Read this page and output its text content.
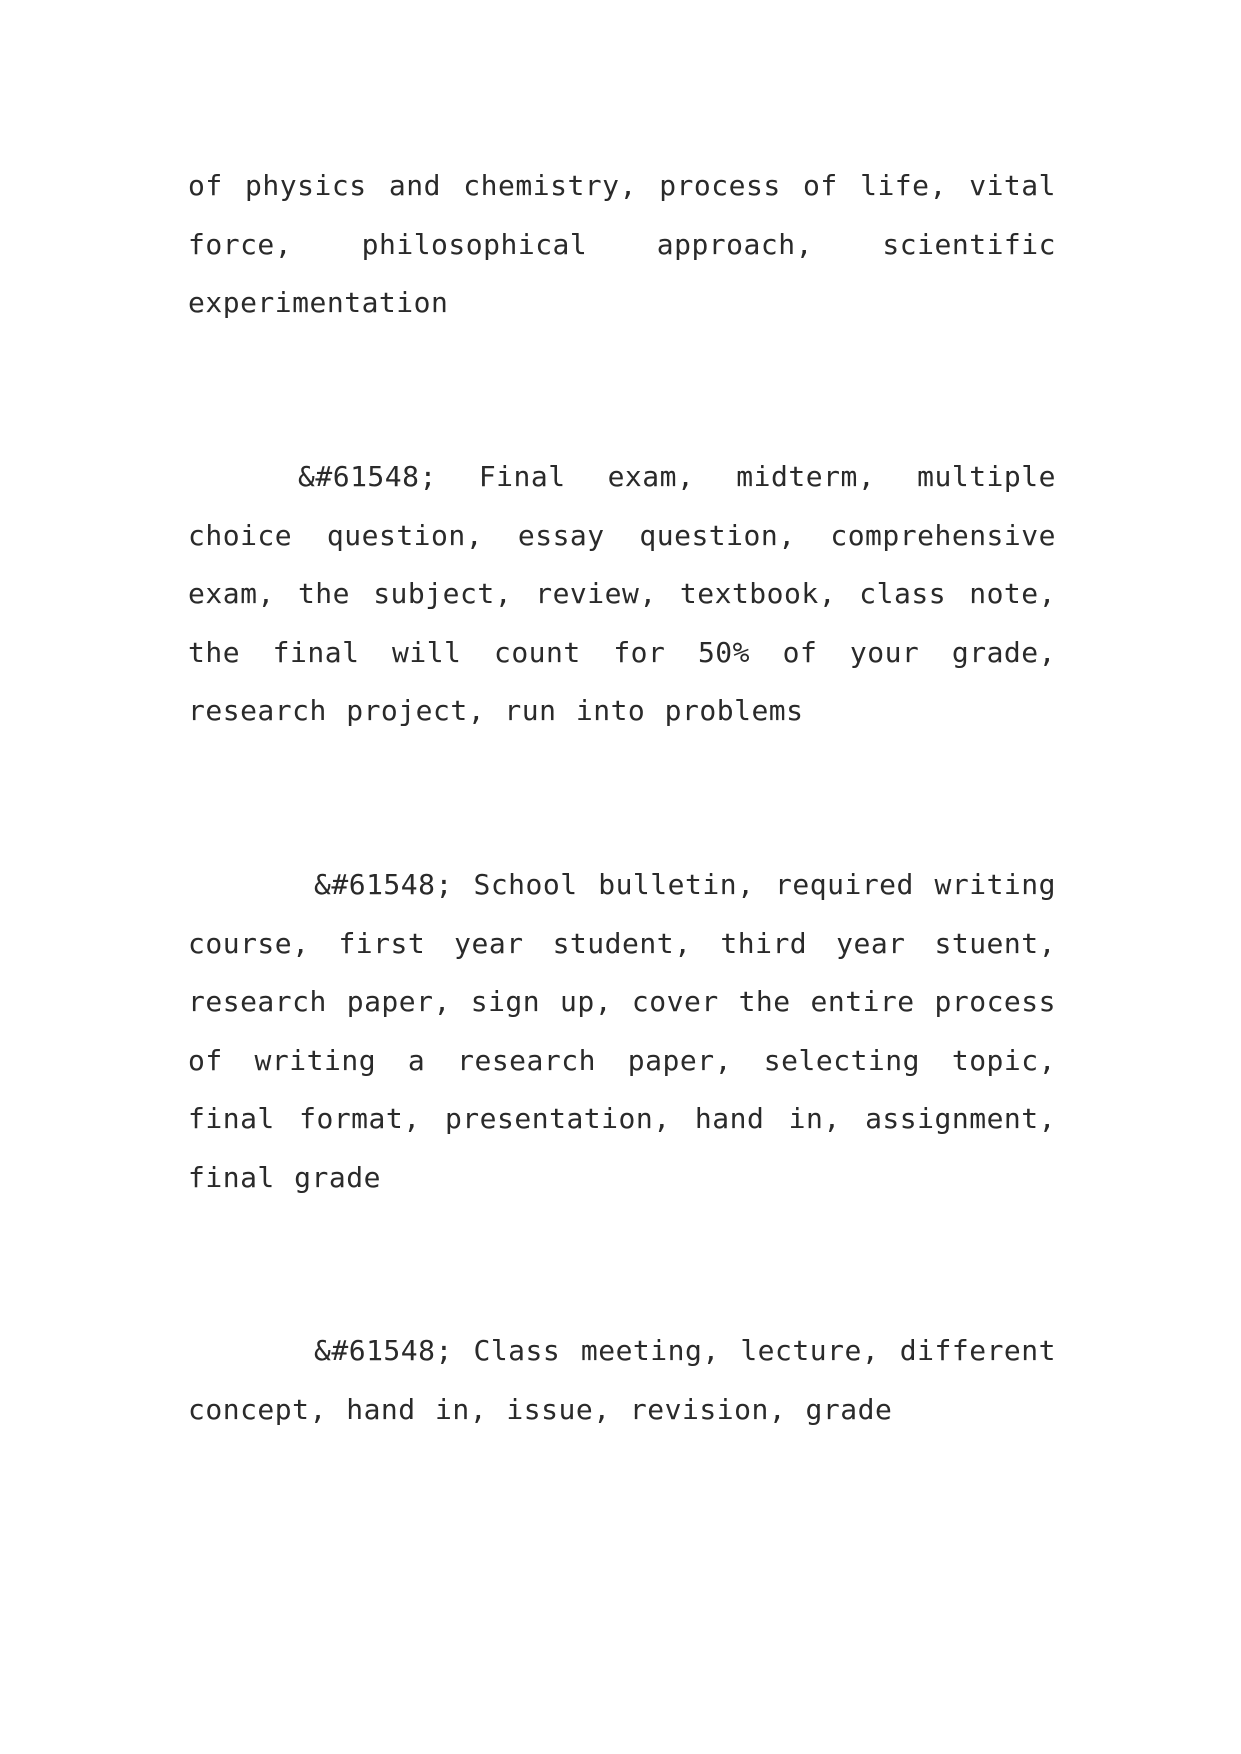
of physics and chemistry, process of life, vital force, philosophical approach, scientific experimentation

&#61548; Final exam, midterm, multiple choice question, essay question, comprehensive exam, the subject, review, textbook, class note, the final will count for 50% of your grade, research project, run into problems

&#61548; School bulletin, required writing course, first year student, third year stuent, research paper, sign up, cover the entire process of writing a research paper, selecting topic, final format, presentation, hand in, assignment, final grade

&#61548; Class meeting, lecture, different concept, hand in, issue, revision, grade
